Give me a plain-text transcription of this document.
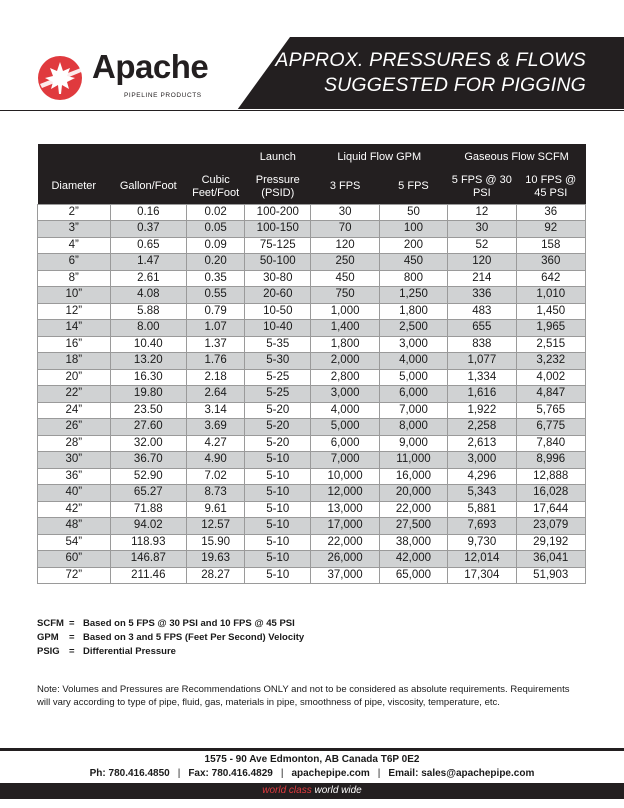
Apache
PIPELINE PRODUCTS
APPROX. PRESSURES & FLOWS
SUGGESTED FOR PIGGING
			Launch	Liquid Flow GPM		Gaseous Flow SCFM	
Diameter	Gallon/Foot	Cubic Feet/Foot	Pressure (PSID)	3 FPS	5 FPS	5 FPS @ 30 PSI	10 FPS @ 45 PSI
2”	0.16	0.02	100-200	30	50	12	36
3”	0.37	0.05	100-150	70	100	30	92
4”	0.65	0.09	75-125	120	200	52	158
6”	1.47	0.20	50-100	250	450	120	360
8”	2.61	0.35	30-80	450	800	214	642
10”	4.08	0.55	20-60	750	1,250	336	1,010
12”	5.88	0.79	10-50	1,000	1,800	483	1,450
14”	8.00	1.07	10-40	1,400	2,500	655	1,965
16”	10.40	1.37	5-35	1,800	3,000	838	2,515
18”	13.20	1.76	5-30	2,000	4,000	1,077	3,232
20”	16.30	2.18	5-25	2,800	5,000	1,334	4,002
22”	19.80	2.64	5-25	3,000	6,000	1,616	4,847
24”	23.50	3.14	5-20	4,000	7,000	1,922	5,765
26”	27.60	3.69	5-20	5,000	8,000	2,258	6,775
28”	32.00	4.27	5-20	6,000	9,000	2,613	7,840
30”	36.70	4.90	5-10	7,000	11,000	3,000	8,996
36”	52.90	7.02	5-10	10,000	16,000	4,296	12,888
40”	65.27	8.73	5-10	12,000	20,000	5,343	16,028
42”	71.88	9.61	5-10	13,000	22,000	5,881	17,644
48”	94.02	12.57	5-10	17,000	27,500	7,693	23,079
54”	118.93	15.90	5-10	22,000	38,000	9,730	29,192
60”	146.87	19.63	5-10	26,000	42,000	12,014	36,041
72”	211.46	28.27	5-10	37,000	65,000	17,304	51,903
SCFM = Based on 5 FPS @ 30 PSI and 10 FPS @ 45 PSI
GPM	= Based on 3 and 5 FPS (Feet Per Second) Velocity
PSIG = Differential Pressure
Note: Volumes and Pressures are Recommendations ONLY and not to be considered as absolute requirements. Requirements will vary according to type of pipe, fluid, gas, materials in pipe, smoothness of pipe, viscosity, temperature, etc.
1575 - 90 Ave Edmonton, AB Canada T6P 0E2
Ph: 780.416.4850 | Fax: 780.416.4829 | apachepipe.com | Email: sales@apachepipe.com
world class world wide
